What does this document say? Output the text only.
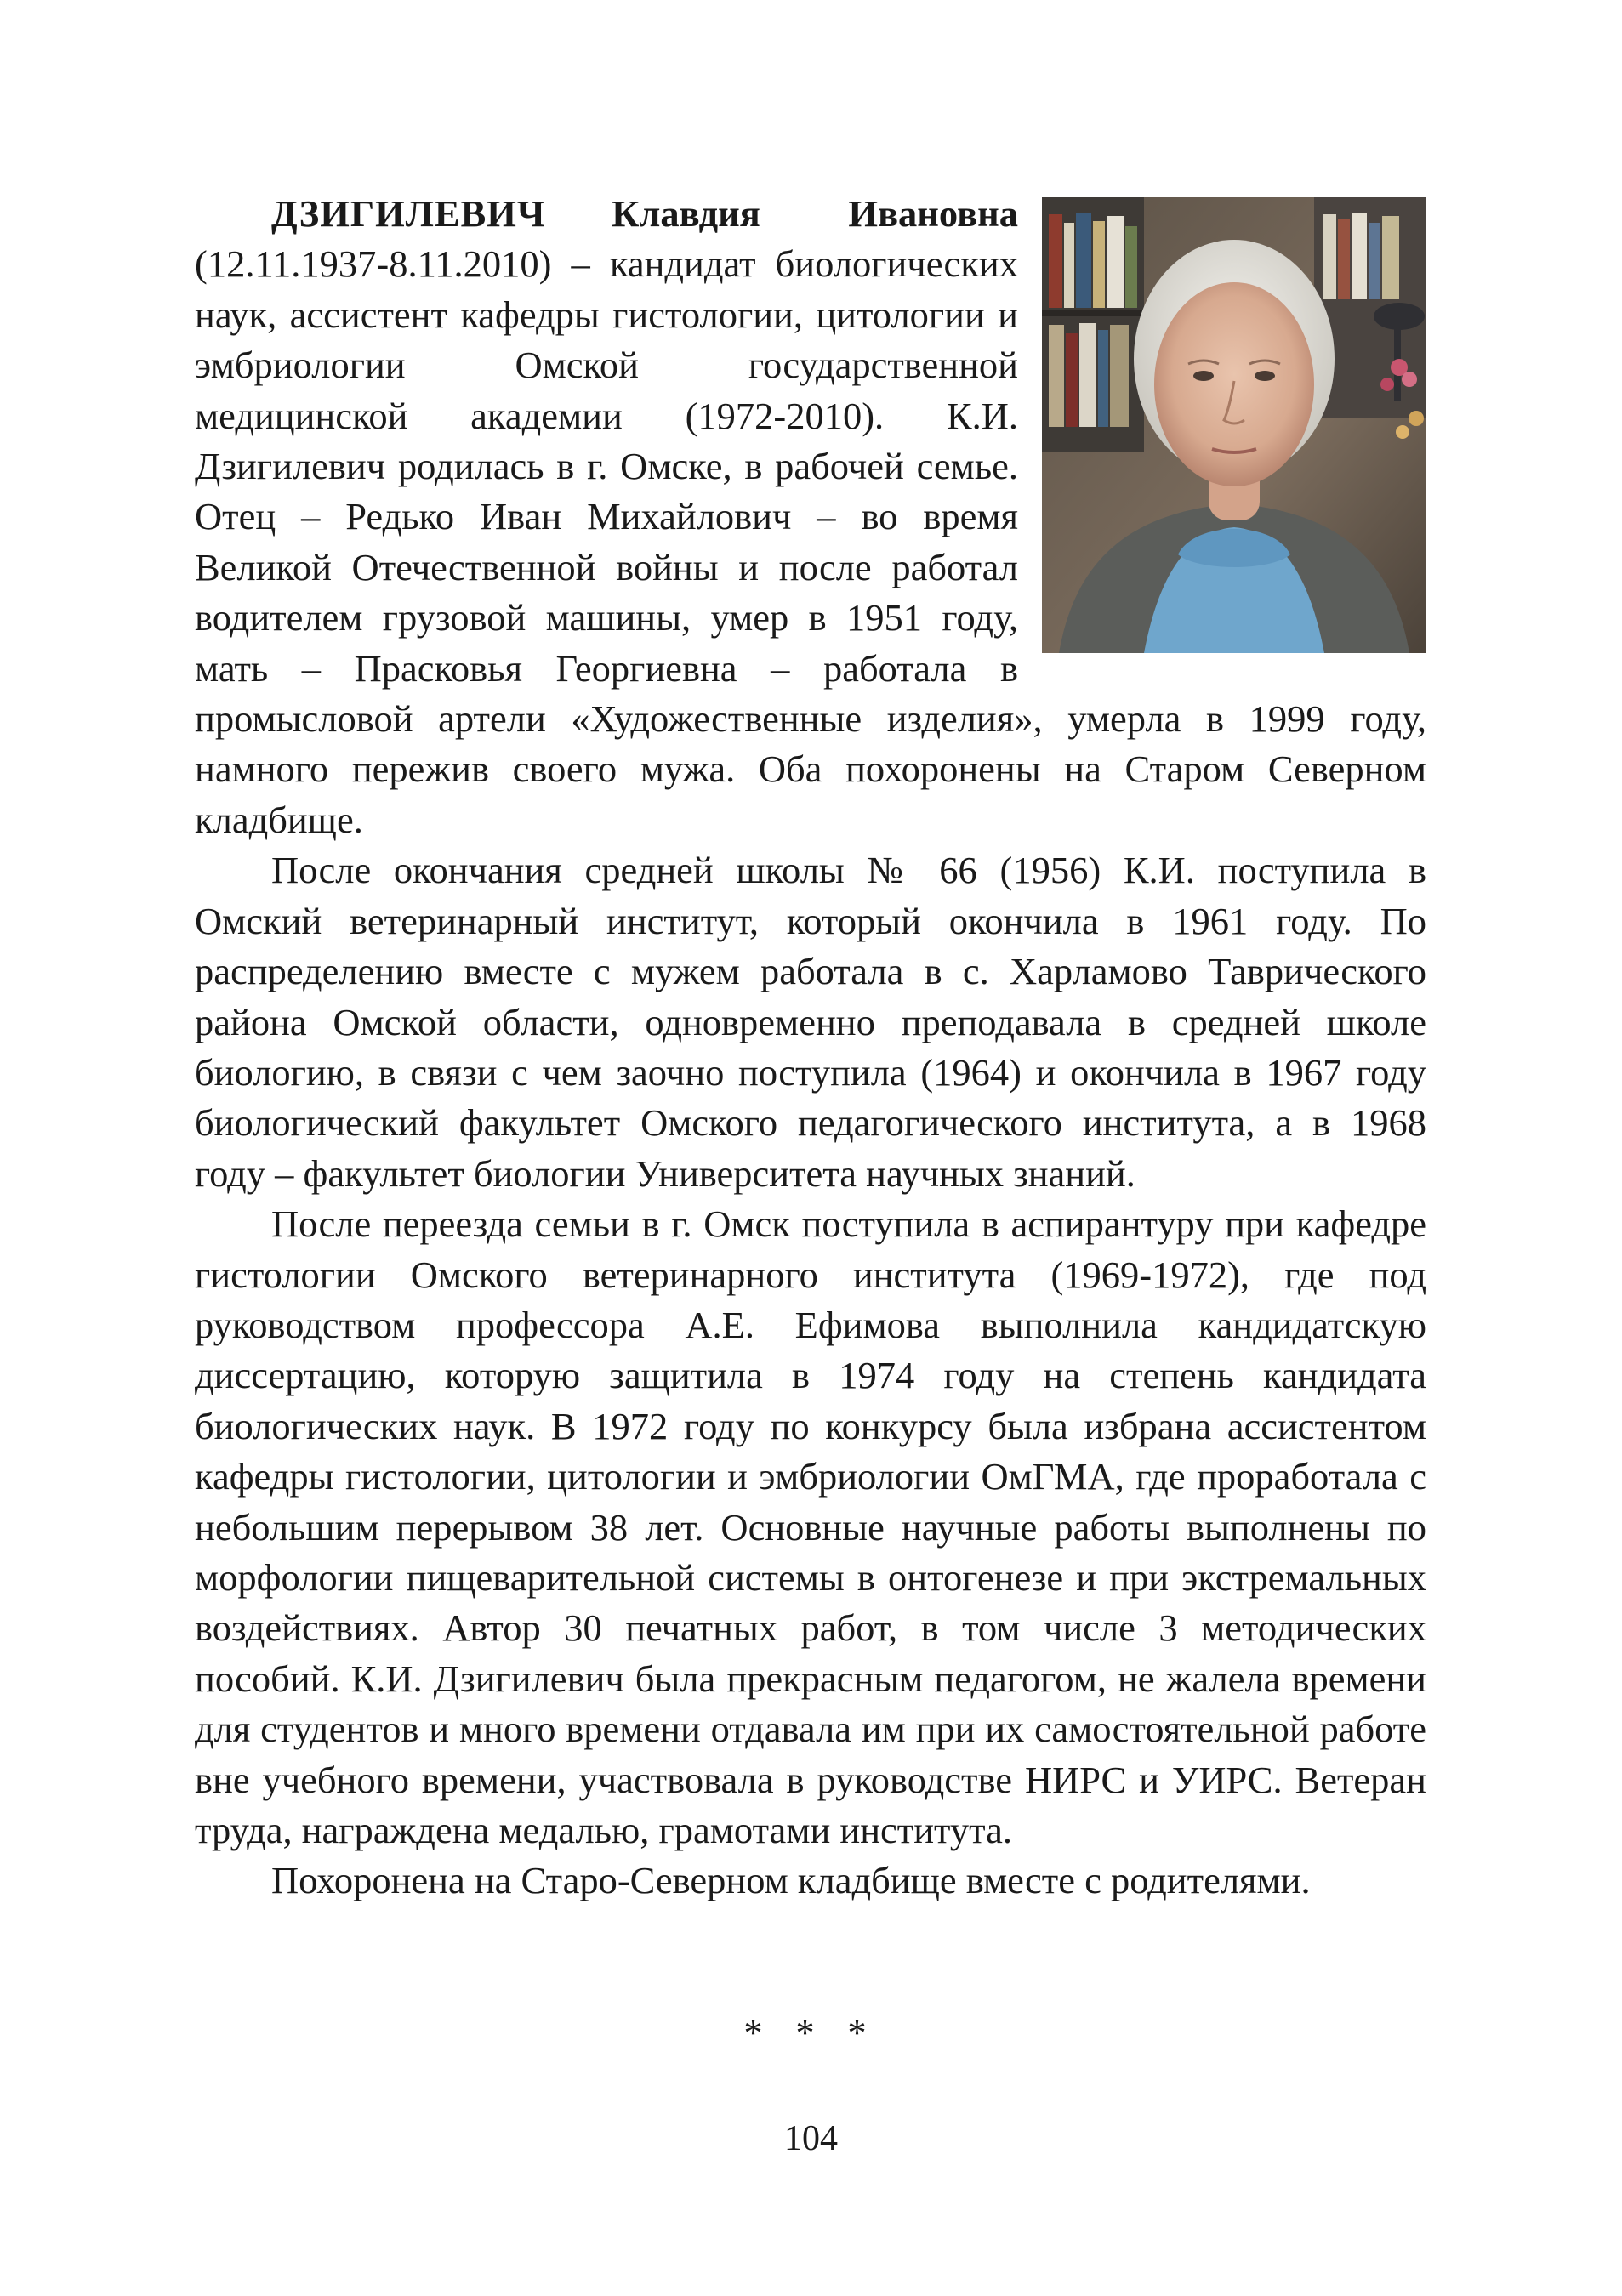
ДЗИГИЛЕВИЧ Клавдия Ивановна (12.11.1937-8.11.2010) – кандидат биологических наук, ассистент кафедры гистологии, цитологии и эмбриологии Омской государственной медицинской академии (1972-2010). К.И. Дзигилевич родилась в г. Омске, в рабочей семье. Отец – Редько Иван Михайлович – во время Великой Отечественной войны и после работал водителем грузовой машины, умер в 1951 году, мать – Прасковья Георгиевна – работала в промысловой артели «Художественные изделия», умерла в 1999 году, намного пережив своего мужа. Оба похоронены на Старом Северном кладбище.

После окончания средней школы № 66 (1956) К.И. поступила в Омский ветеринарный институт, который окончила в 1961 году. По распределению вместе с мужем работала в с. Харламово Таврического района Омской области, одновременно преподавала в средней школе биологию, в связи с чем заочно поступила (1964) и окончила в 1967 году биологический факультет Омского педагогического института, а в 1968 году – факультет биологии Университета научных знаний.

После переезда семьи в г. Омск поступила в аспирантуру при кафедре гистологии Омского ветеринарного института (1969-1972), где под руководством профессора А.Е. Ефимова выполнила кандидатскую диссертацию, которую защитила в 1974 году на степень кандидата биологических наук. В 1972 году по конкурсу была избрана ассистентом кафедры гистологии, цитологии и эмбриологии ОмГМА, где проработала с небольшим перерывом 38 лет. Основные научные работы выполнены по морфологии пищеварительной системы в онтогенезе и при экстремальных воздействиях. Автор 30 печатных работ, в том числе 3 методических пособий. К.И. Дзигилевич была прекрасным педагогом, не жалела времени для студентов и много времени отдавала им при их самостоятельной работе вне учебного времени, участвовала в руководстве НИРС и УИРС. Ветеран труда, награждена медалью, грамотами института.

Похоронена на Старо-Северном кладбище вместе с родителями.

* * *
104
